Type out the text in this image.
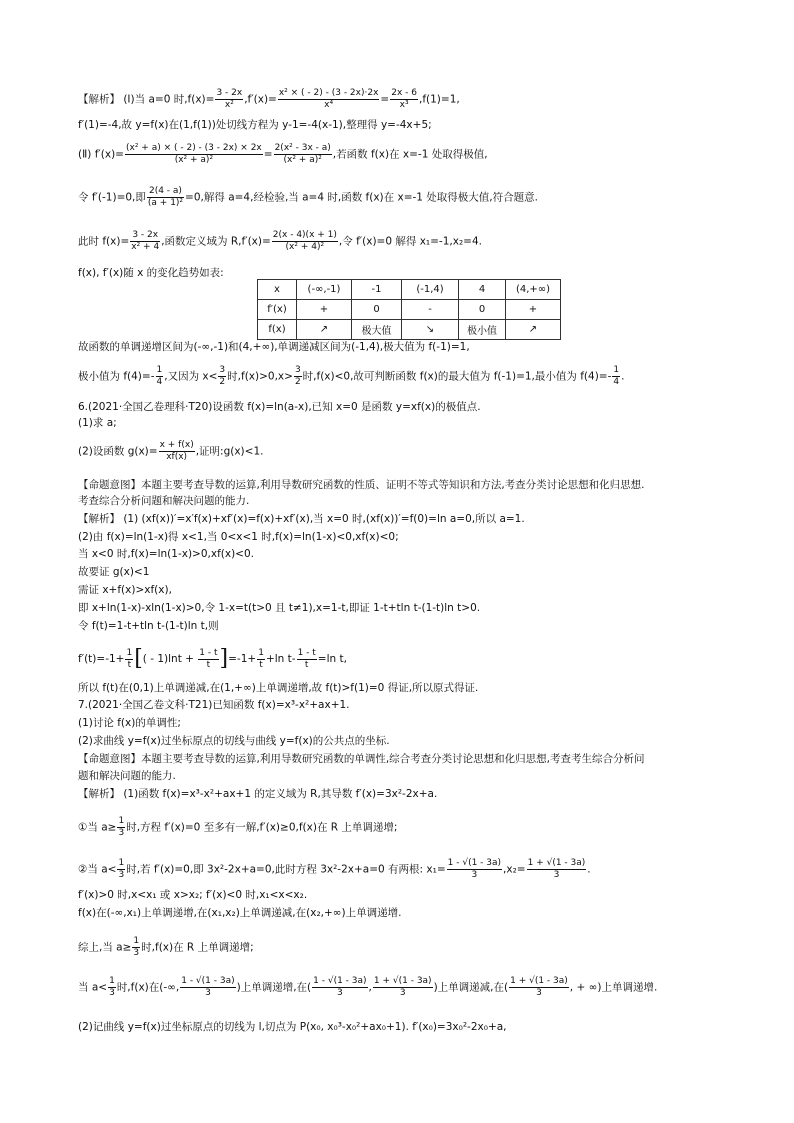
【解析】 (Ⅰ)当 a=0 时$,f(x)= \frac{3 - 2x}{\text{x²}} ,f'(x)= \frac{\text{x² × ( - 2) - (3 - 2x)·2x}}{\text{x⁴}} = \frac{2x - 6}{\text{x³}} ,f(1)=1$,
f′(1)=-4,故 y=f(x)在(1,f(1))处切线方程为 y-1=-4(x-1),整理得 y=-4x+5;
(Ⅱ) $f'(x)= \frac{\text{(x² + a) × ( - 2) - (3 - 2x) × 2x}}{\text{(x² + a)²}} = \frac{\text{2(x² - 3x - a)}}{\text{(x² + a)²}}$ ,若函数 f(x)在 x=-1 处取得极值,
令 f′(-1)=0,即 $\frac{2(4 - a)}{\text{(a + 1)²}} =0$,解得 a=4,经检验,当 a=4 时,函数 f(x)在 x=-1 处取得极大值,符合题意.
此时 $f(x)= \frac{3 - 2x}{\text{x² + 4}}$ ,函数定义域为 $R,f'(x)= \frac{2(x - 4)(x + 1)}{\text{(x² + 4)²}}$ ,令 f′(x)=0 解得 x₁=-1,x₂=4.
f(x), f′(x)随 x 的变化趋势如表:
x	(-∞,-1)	-1	(-1,4)	4	(4,+∞)
f′(x)	+	0	-	0	+
f(x)	↗	极大值	↘	极小值	↗
故函数的单调递增区间为(-∞,-1)和(4,+∞),单调递减区间为(-1,4),极大值为 f(-1)=1,
极小值为 $f(4)=- \frac{1}{4}$ ,又因为 $x< \frac{3}{2}$ 时$,f(x)>0,x> \frac{3}{2}$ 时,f(x)<0,故可判断函数 f(x)的最大值为 f(-1)=1,最小值为 $f(4)=- \frac{1}{4}$ .
6.(2021·全国乙卷理科·T20)设函数 f(x)=ln(a-x),已知 x=0 是函数 y=xf(x)的极值点.
(1)求 a;
(2)设函数 $g(x)= \frac{x + f(x)}{xf(x)}$ ,证明:g(x)<1.
【命题意图】本题主要考查导数的运算,利用导数研究函数的性质、证明不等式等知识和方法,考查分类讨论思想和化归思想.
考查综合分析问题和解决问题的能力.
【解析】 (1) (xf(x))′=x′f(x)+xf′(x)=f(x)+xf′(x),当 x=0 时,(xf(x))′=f(0)=ln a=0,所以 a=1.
(2)由 f(x)=ln(1-x)得 x<1,当 0<x<1 时,f(x)=ln(1-x)<0,xf(x)<0;
当 x<0 时,f(x)=ln(1-x)>0,xf(x)<0.
故要证 g(x)<1
需证 x+f(x)>xf(x),
即 x+ln(1-x)-xln(1-x)>0,令 1-x=t(t>0 且 t≠1),x=1-t,即证 1-t+tln t-(1-t)ln t>0.
令 f(t)=1-t+tln t-(1-t)ln t,则
$f'(t)=-1+ \frac{1}{t}$ [( - $1)\ln t + \frac{1 - t}{t} ]=-1+ \frac{1}{t} +\ln$ $t- \frac{1 - t}{t} =\ln$ t,
所以 f(t)在(0,1)上单调递减,在(1,+∞)上单调递增,故 f(t)>f(1)=0 得证,所以原式得证.
7.(2021·全国乙卷文科·T21)已知函数 f(x)=x³-x²+ax+1.
(1)讨论 f(x)的单调性;
(2)求曲线 y=f(x)过坐标原点的切线与曲线 y=f(x)的公共点的坐标.
【命题意图】本题主要考查导数的运算,利用导数研究函数的单调性,综合考查分类讨论思想和化归思想,考查考生综合分析问
题和解决问题的能力.
【解析】 (1)函数 f(x)=x³-x²+ax+1 的定义域为 R,其导数 f′(x)=3x²-2x+a.
①当 $a\ge \frac{1}{3}$ 时,方程 f′(x)=0 至多有一解,f′(x)≥0,f(x)在 R 上单调递增;
②当 $a< \frac{1}{3}$ 时,若 f′(x)=0,即 3x²-2x+a=0,此时方程 3x²-2x+a=0 有两根: $x_1= \frac{1 - √(1 - 3a)}{3} ,x_2= \frac{1 + √(1 - 3a)}{3}$ .
f′(x)>0 时,x<x₁ 或 x>x₂; f′(x)<0 时,x₁<x<x₂.
f(x)在(-∞,x₁)上单调递增,在(x₁,x₂)上单调递减,在(x₂,+∞)上单调递增.
综上,当 $a\ge \frac{1}{3}$ 时,f(x)在 R 上单调递增;
当 $a< \frac{1}{3}$ 时,f(x)在(-∞, $\frac{1 - √(1 - 3a)}{3}$ )上单调递增,在( $\frac{1 - √(1 - 3a)}{3}$ , $\frac{1 + √(1 - 3a)}{3}$ )上单调递减,在( $\frac{1 + √(1 - 3a)}{3}$ , + ∞)上单调递增.
(2)记曲线 y=f(x)过坐标原点的切线为 l,切点为 P(x₀, x₀³-x₀²+ax₀+1). f′(x₀)=3x₀²-2x₀+a,
